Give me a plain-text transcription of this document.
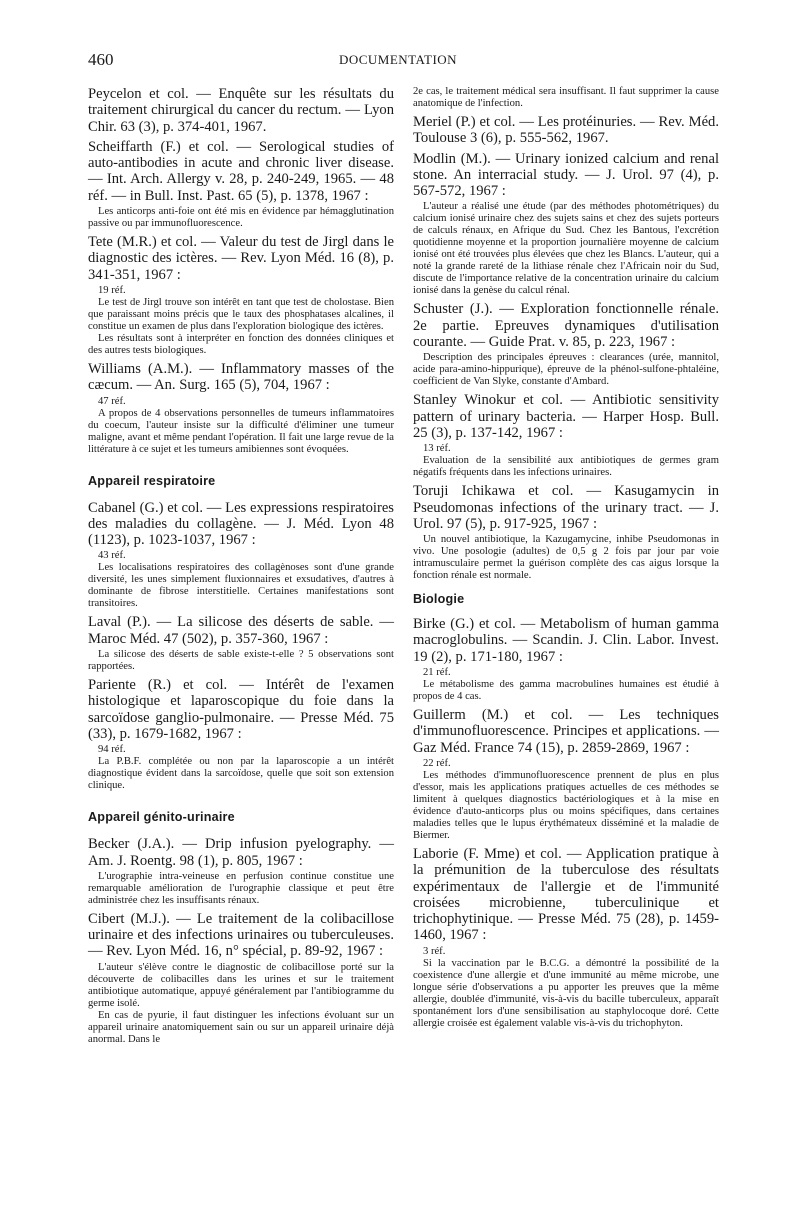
460	DOCUMENTATION

Peycelon et col. — Enquête sur les résultats du traitement chirurgical du cancer du rectum. — Lyon Chir. 63 (3), p. 374-401, 1967.

Scheiffarth (F.) et col. — Serological studies of auto-antibodies in acute and chronic liver disease. — Int. Arch. Allergy v. 28, p. 240-249, 1965. — 48 réf. — in Bull. Inst. Past. 65 (5), p. 1378, 1967 :

Les anticorps anti-foie ont été mis en évidence par hémagglutination passive ou par immunofluorescence.

Tete (M.R.) et col. — Valeur du test de Jirgl dans le diagnostic des ictères. — Rev. Lyon Méd. 16 (8), p. 341-351, 1967 :

19 réf.

Le test de Jirgl trouve son intérêt en tant que test de cholostase. Bien que paraissant moins précis que le taux des phosphatases alcalines, il constitue un examen de plus dans l'exploration biologique des ictères.

Les résultats sont à interpréter en fonction des données cliniques et des autres tests biologiques.

Williams (A.M.). — Inflammatory masses of the cæcum. — An. Surg. 165 (5), 704, 1967 :

47 réf.

A propos de 4 observations personnelles de tumeurs inflammatoires du coecum, l'auteur insiste sur la difficulté d'éliminer une tumeur maligne, avant et même pendant l'opération. Il fait une large revue de la littérature à ce sujet et les tumeurs amibiennes sont évoquées.

Appareil respiratoire

Cabanel (G.) et col. — Les expressions respiratoires des maladies du collagène. — J. Méd. Lyon 48 (1123), p. 1023-1037, 1967 :

43 réf.

Les localisations respiratoires des collagènoses sont d'une grande diversité, les unes simplement fluxionnaires et exsudatives, d'autres à dominante de fibrose interstitielle. Certaines manifestations sont transitoires.

Laval (P.). — La silicose des déserts de sable. — Maroc Méd. 47 (502), p. 357-360, 1967 :

La silicose des déserts de sable existe-t-elle ? 5 observations sont rapportées.

Pariente (R.) et col. — Intérêt de l'examen histologique et laparoscopique du foie dans la sarcoïdose ganglio-pulmonaire. — Presse Méd. 75 (33), p. 1679-1682, 1967 :

94 réf.

La P.B.F. complétée ou non par la laparoscopie a un intérêt diagnostique évident dans la sarcoïdose, quelle que soit son extension clinique.

Appareil génito-urinaire

Becker (J.A.). — Drip infusion pyelography. — Am. J. Roentg. 98 (1), p. 805, 1967 :

L'urographie intra-veineuse en perfusion continue constitue une remarquable amélioration de l'urographie classique et peut être administrée chez les insuffisants rénaux.

Cibert (M.J.). — Le traitement de la colibacillose urinaire et des infections urinaires ou tuberculeuses. — Rev. Lyon Méd. 16, n° spécial, p. 89-92, 1967 :

L'auteur s'élève contre le diagnostic de colibacillose porté sur la découverte de colibacilles dans les urines et sur le traitement antibiotique automatique, appuyé généralement par l'antibiogramme du germe isolé.

En cas de pyurie, il faut distinguer les infections évoluant sur un appareil urinaire anatomiquement sain ou sur un appareil urinaire déjà anormal. Dans le

2e cas, le traitement médical sera insuffisant. Il faut supprimer la cause anatomique de l'infection.

Meriel (P.) et col. — Les protéinuries. — Rev. Méd. Toulouse 3 (6), p. 555-562, 1967.

Modlin (M.). — Urinary ionized calcium and renal stone. An interracial study. — J. Urol. 97 (4), p. 567-572, 1967 :

L'auteur a réalisé une étude (par des méthodes photométriques) du calcium ionisé urinaire chez des sujets sains et chez des sujets porteurs de calculs rénaux, en Afrique du Sud. Chez les Bantous, l'excrétion quotidienne moyenne et la proportion journalière moyenne de calcium ionisé ont été trouvées plus élevées que chez les Blancs. L'auteur, qui a noté la grande rareté de la lithiase rénale chez l'Africain noir du Sud, discute de l'importance relative de la concentration urinaire du calcium ionisé dans la genèse du calcul rénal.

Schuster (J.). — Exploration fonctionnelle rénale. 2e partie. Epreuves dynamiques d'utilisation courante. — Guide Prat. v. 85, p. 223, 1967 :

Description des principales épreuves : clearances (urée, mannitol, acide para-amino-hippurique), épreuve de la phénol-sulfone-phtaléine, coefficient de Van Slyke, constante d'Ambard.

Stanley Winokur et col. — Antibiotic sensitivity pattern of urinary bacteria. — Harper Hosp. Bull. 25 (3), p. 137-142, 1967 :

13 réf.

Evaluation de la sensibilité aux antibiotiques de germes gram négatifs fréquents dans les infections urinaires.

Toruji Ichikawa et col. — Kasugamycin in Pseudomonas infections of the urinary tract. — J. Urol. 97 (5), p. 917-925, 1967 :

Un nouvel antibiotique, la Kazugamycine, inhibe Pseudomonas in vivo. Une posologie (adultes) de 0,5 g 2 fois par jour par voie intramusculaire permet la guérison complète des cas aigus lorsque la fonction rénale est normale.

Biologie

Birke (G.) et col. — Metabolism of human gamma macroglobulins. — Scandin. J. Clin. Labor. Invest. 19 (2), p. 171-180, 1967 :

21 réf.

Le métabolisme des gamma macrobulines humaines est étudié à propos de 4 cas.

Guillerm (M.) et col. — Les techniques d'immunofluorescence. Principes et applications. — Gaz Méd. France 74 (15), p. 2859-2869, 1967 :

22 réf.

Les méthodes d'immunofluorescence prennent de plus en plus d'essor, mais les applications pratiques actuelles de ces méthodes se limitent à quelques diagnostics bactériologiques et à la mise en évidence d'auto-anticorps plus ou moins spécifiques, dans certaines maladies telles que le lupus érythémateux disséminé et la maladie de Biermer.

Laborie (F. Mme) et col. — Application pratique à la prémunition de la tuberculose des résultats expérimentaux de l'allergie et de l'immunité croisées microbienne, tuberculinique et trichophytinique. — Presse Méd. 75 (28), p. 1459-1460, 1967 :

3 réf.

Si la vaccination par le B.C.G. a démontré la possibilité de la coexistence d'une allergie et d'une immunité au même microbe, une longue série d'observations a pu apporter les preuves que la même allergie, doublée d'immunité, vis-à-vis du bacille tuberculeux, apparaît spontanément lors d'une sensibilisation au staphylocoque doré. Cette allergie croisée est également valable vis-à-vis du trichophyton.
